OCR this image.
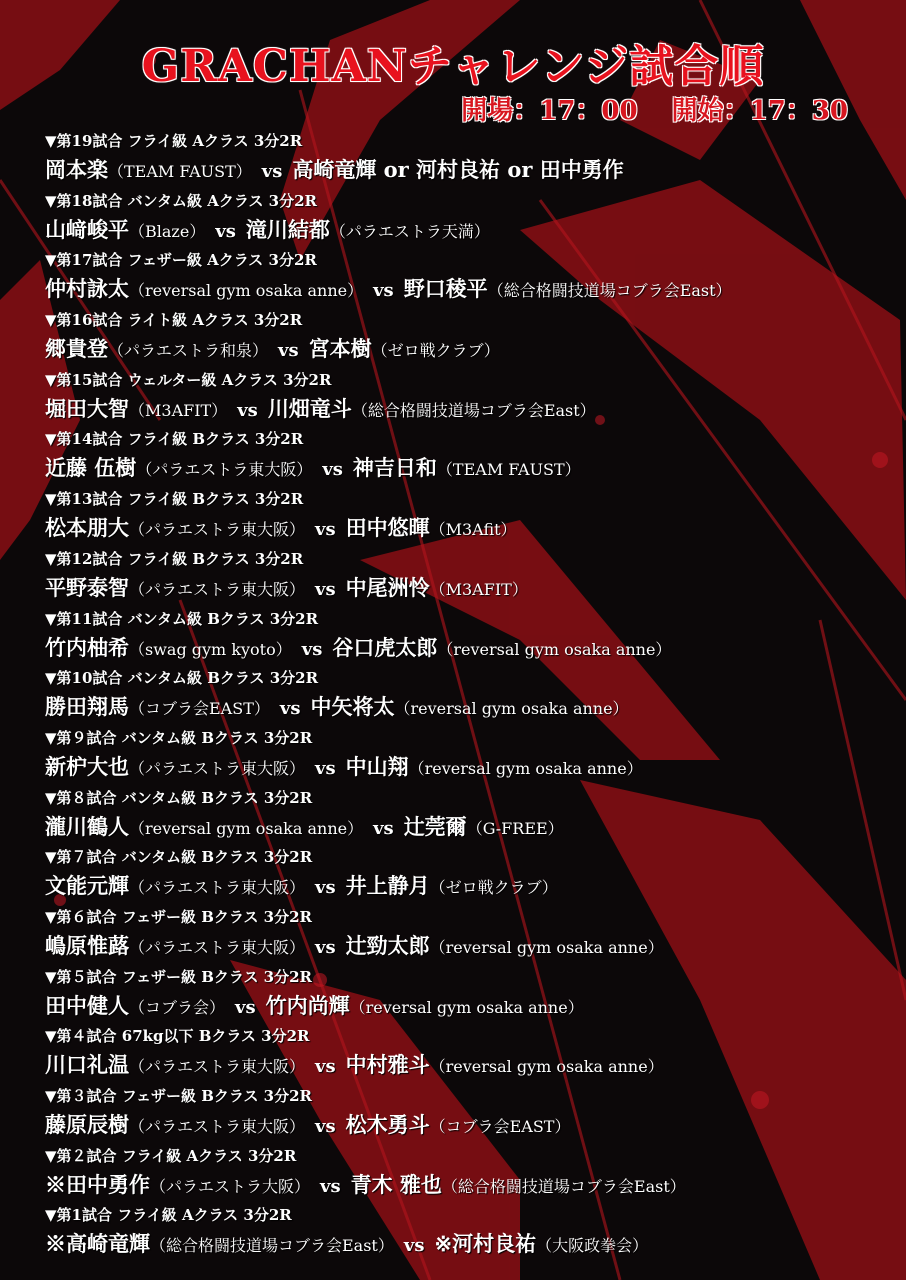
GRACHANチャレンジ試合順
開場：17：00 開始：17：30
▼第19試合 フライ級 Aクラス 3分2R
岡本楽（TEAM FAUST） vs 高崎竜輝 or 河村良祐 or 田中勇作
▼第18試合 バンタム級 Aクラス 3分2R
山﨑峻平（Blaze） vs 滝川結都（パラエストラ天満）
▼第17試合 フェザー級 Aクラス 3分2R
仲村詠太（reversal gym osaka anne） vs 野口稜平（総合格闘技道場コブラ会East）
▼第16試合 ライト級 Aクラス 3分2R
郷貴登（パラエストラ和泉） vs 宮本樹（ゼロ戦クラブ）
▼第15試合 ウェルター級 Aクラス 3分2R
堀田大智（M3AFIT） vs 川畑竜斗（総合格闘技道場コブラ会East）
▼第14試合 フライ級 Bクラス 3分2R
近藤 伍樹（パラエストラ東大阪） vs 神吉日和（TEAM FAUST）
▼第13試合 フライ級 Bクラス 3分2R
松本朋大（パラエストラ東大阪） vs 田中悠暉（M3Afit）
▼第12試合 フライ級 Bクラス 3分2R
平野泰智（パラエストラ東大阪） vs 中尾洲怜（M3AFIT）
▼第11試合 バンタム級 Bクラス 3分2R
竹内柚希（swag gym kyoto） vs 谷口虎太郎（reversal gym osaka anne）
▼第10試合 バンタム級 Bクラス 3分2R
勝田翔馬（コブラ会EAST） vs 中矢将太（reversal gym osaka anne）
▼第９試合 バンタム級 Bクラス 3分2R
新枦大也（パラエストラ東大阪） vs 中山翔（reversal gym osaka anne）
▼第８試合 バンタム級 Bクラス 3分2R
瀧川鶴人（reversal gym osaka anne） vs 辻莞爾（G-FREE）
▼第７試合 バンタム級 Bクラス 3分2R
文能元輝（パラエストラ東大阪） vs 井上静月（ゼロ戦クラブ）
▼第６試合 フェザー級 Bクラス 3分2R
嶋原惟蕗（パラエストラ東大阪） vs 辻勁太郎（reversal gym osaka anne）
▼第５試合 フェザー級 Bクラス 3分2R
田中健人（コブラ会） vs 竹内尚輝（reversal gym osaka anne）
▼第４試合 67kg以下 Bクラス 3分2R
川口礼温（パラエストラ東大阪） vs 中村雅斗（reversal gym osaka anne）
▼第３試合 フェザー級 Bクラス 3分2R
藤原辰樹（パラエストラ東大阪） vs 松木勇斗（コブラ会EAST）
▼第２試合 フライ級 Aクラス 3分2R
※田中勇作（パラエストラ大阪） vs 青木 雅也（総合格闘技道場コブラ会East）
▼第1試合 フライ級 Aクラス 3分2R
※高崎竜輝（総合格闘技道場コブラ会East） vs ※河村良祐（大阪政拳会）
